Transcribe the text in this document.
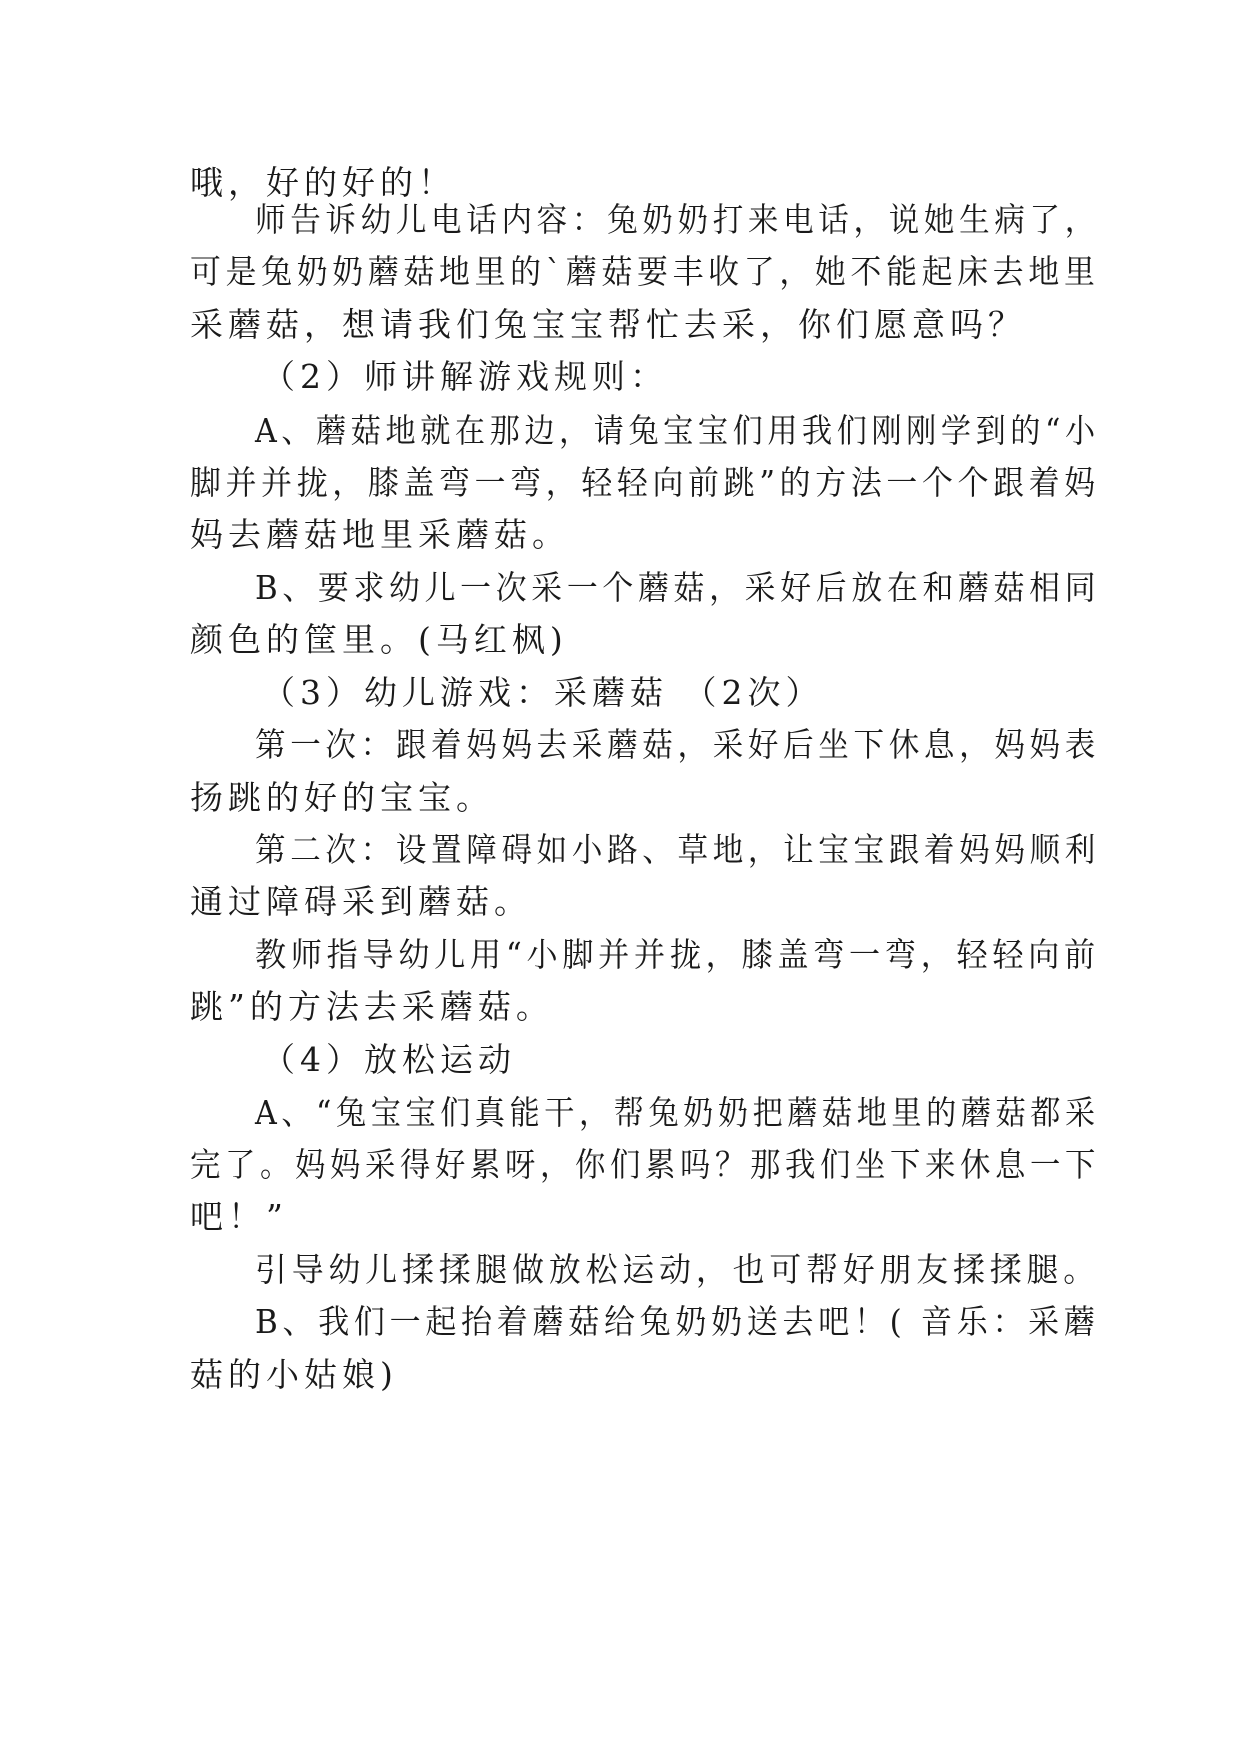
哦，好的好的！
师告诉幼儿电话内容：兔奶奶打来电话，说她生病了，
可是兔奶奶蘑菇地里的`蘑菇要丰收了，她不能起床去地里
采蘑菇，想请我们兔宝宝帮忙去采，你们愿意吗？
（2）师讲解游戏规则：
A、蘑菇地就在那边，请兔宝宝们用我们刚刚学到的“小
脚并并拢，膝盖弯一弯，轻轻向前跳”的方法一个个跟着妈
妈去蘑菇地里采蘑菇。
B、要求幼儿一次采一个蘑菇，采好后放在和蘑菇相同
颜色的筐里。(马红枫)
（3）幼儿游戏：采蘑菇 （2次）
第一次：跟着妈妈去采蘑菇，采好后坐下休息，妈妈表
扬跳的好的宝宝。
第二次：设置障碍如小路、草地，让宝宝跟着妈妈顺利
通过障碍采到蘑菇。
教师指导幼儿用“小脚并并拢，膝盖弯一弯，轻轻向前
跳”的方法去采蘑菇。
（4）放松运动
A、“兔宝宝们真能干，帮兔奶奶把蘑菇地里的蘑菇都采
完了。妈妈采得好累呀，你们累吗？那我们坐下来休息一下
吧！”
引导幼儿揉揉腿做放松运动，也可帮好朋友揉揉腿。
B、我们一起抬着蘑菇给兔奶奶送去吧！( 音乐：采蘑
菇的小姑娘)
